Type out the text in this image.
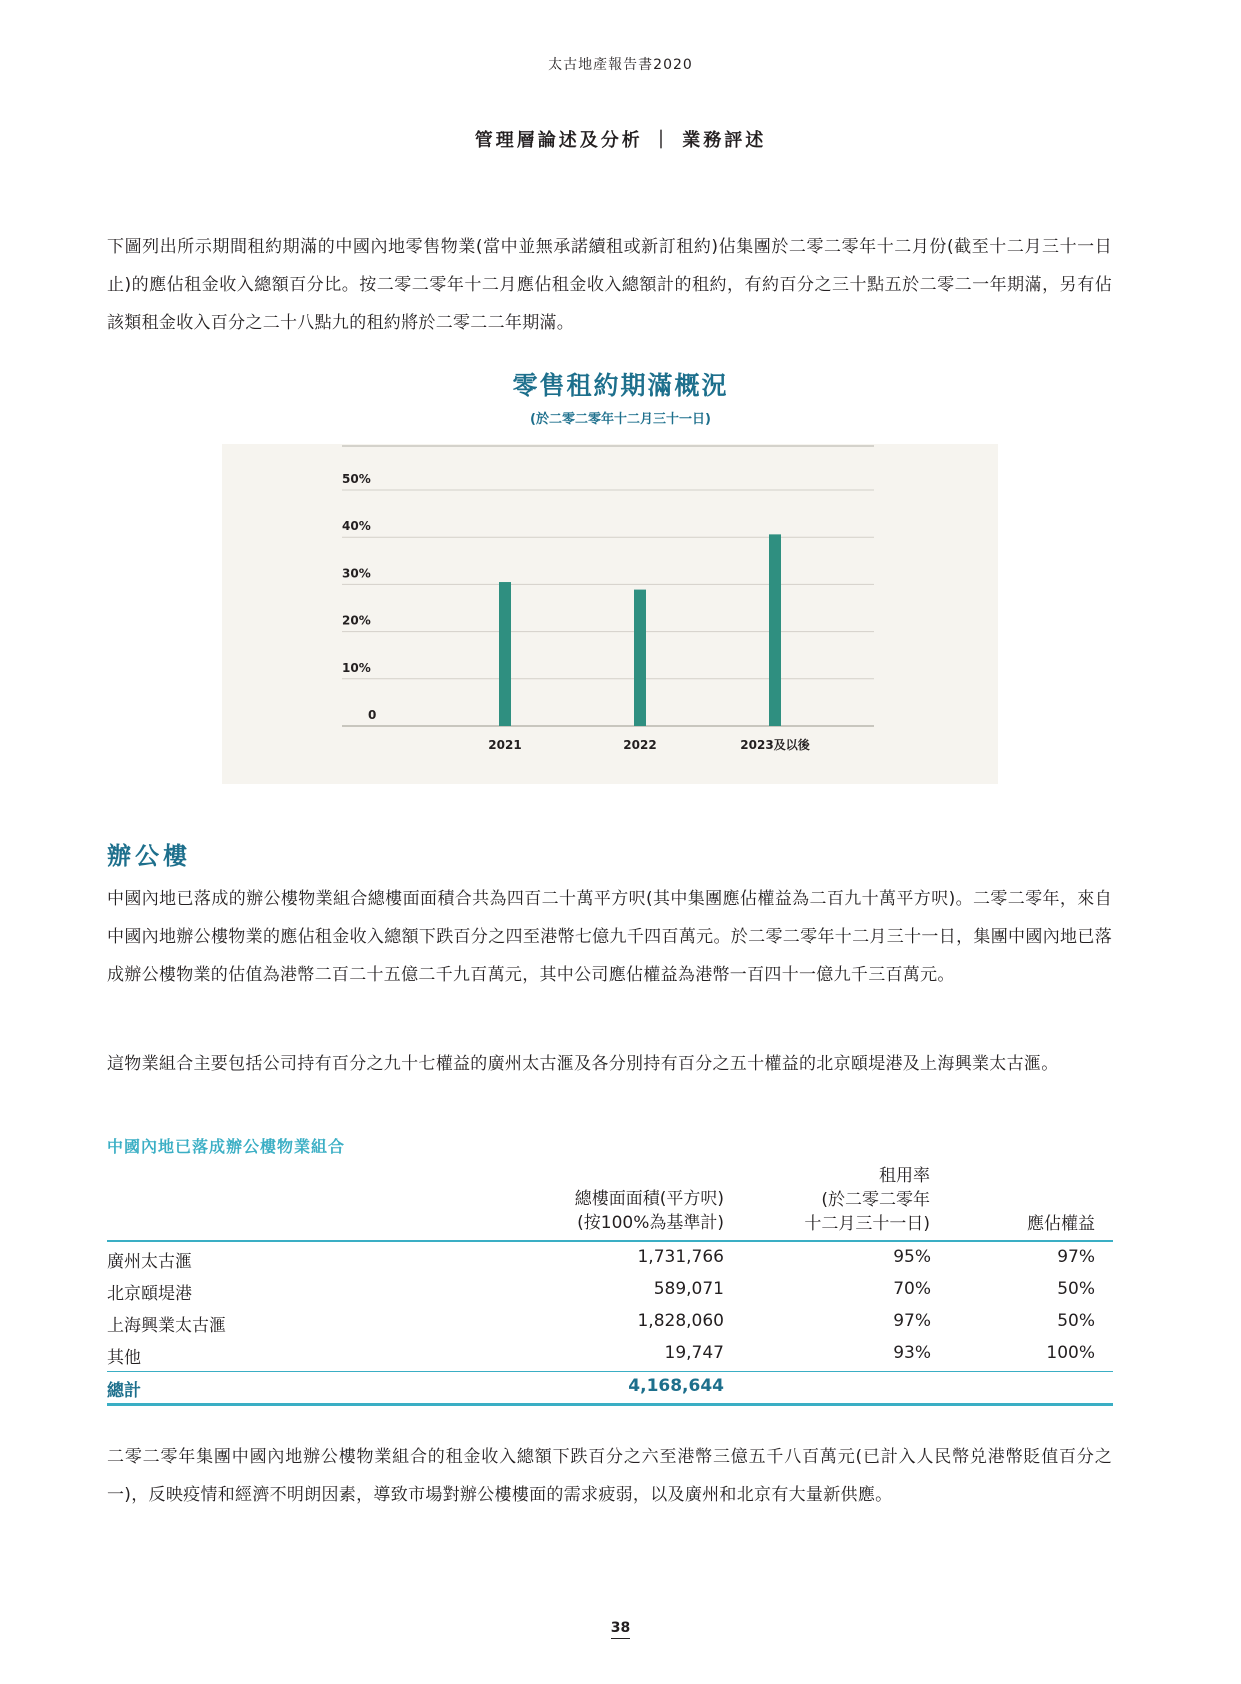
太古地產報告書2020
管理層論述及分析 ｜ 業務評述

下圖列出所示期間租約期滿的中國內地零售物業(當中並無承諾續租或新訂租約)佔集團於二零二零年十二月份(截至十二月三十一日止)的應佔租金收入總額百分比。按二零二零年十二月應佔租金收入總額計的租約，有約百分之三十點五於二零二一年期滿，另有佔該類租金收入百分之二十八點九的租約將於二零二二年期滿。

零售租約期滿概況
(於二零二零年十二月三十一日)
0
10%
20%
30%
40%
50%
2021	2022	2023及以後
辦公樓

中國內地已落成的辦公樓物業組合總樓面面積合共為四百二十萬平方呎(其中集團應佔權益為二百九十萬平方呎)。二零二零年，來自中國內地辦公樓物業的應佔租金收入總額下跌百分之四至港幣七億九千四百萬元。於二零二零年十二月三十一日，集團中國內地已落成辦公樓物業的估值為港幣二百二十五億二千九百萬元，其中公司應佔權益為港幣一百四十一億九千三百萬元。

這物業組合主要包括公司持有百分之九十七權益的廣州太古滙及各分別持有百分之五十權益的北京頤堤港及上海興業太古滙。

中國內地已落成辦公樓物業組合
總樓面面積(平方呎)
(按100%為基準計)
租用率
(於二零二零年
十二月三十一日)	應佔權益
廣州太古滙	1,731,766	95%	97%
北京頤堤港	589,071	70%	50%
上海興業太古滙	1,828,060	97%	50%
其他	19,747	93%	100%
總計	4,168,644

二零二零年集團中國內地辦公樓物業組合的租金收入總額下跌百分之六至港幣三億五千八百萬元(已計入人民幣兑港幣貶值百分之一)，反映疫情和經濟不明朗因素，導致市場對辦公樓樓面的需求疲弱，以及廣州和北京有大量新供應。

38
